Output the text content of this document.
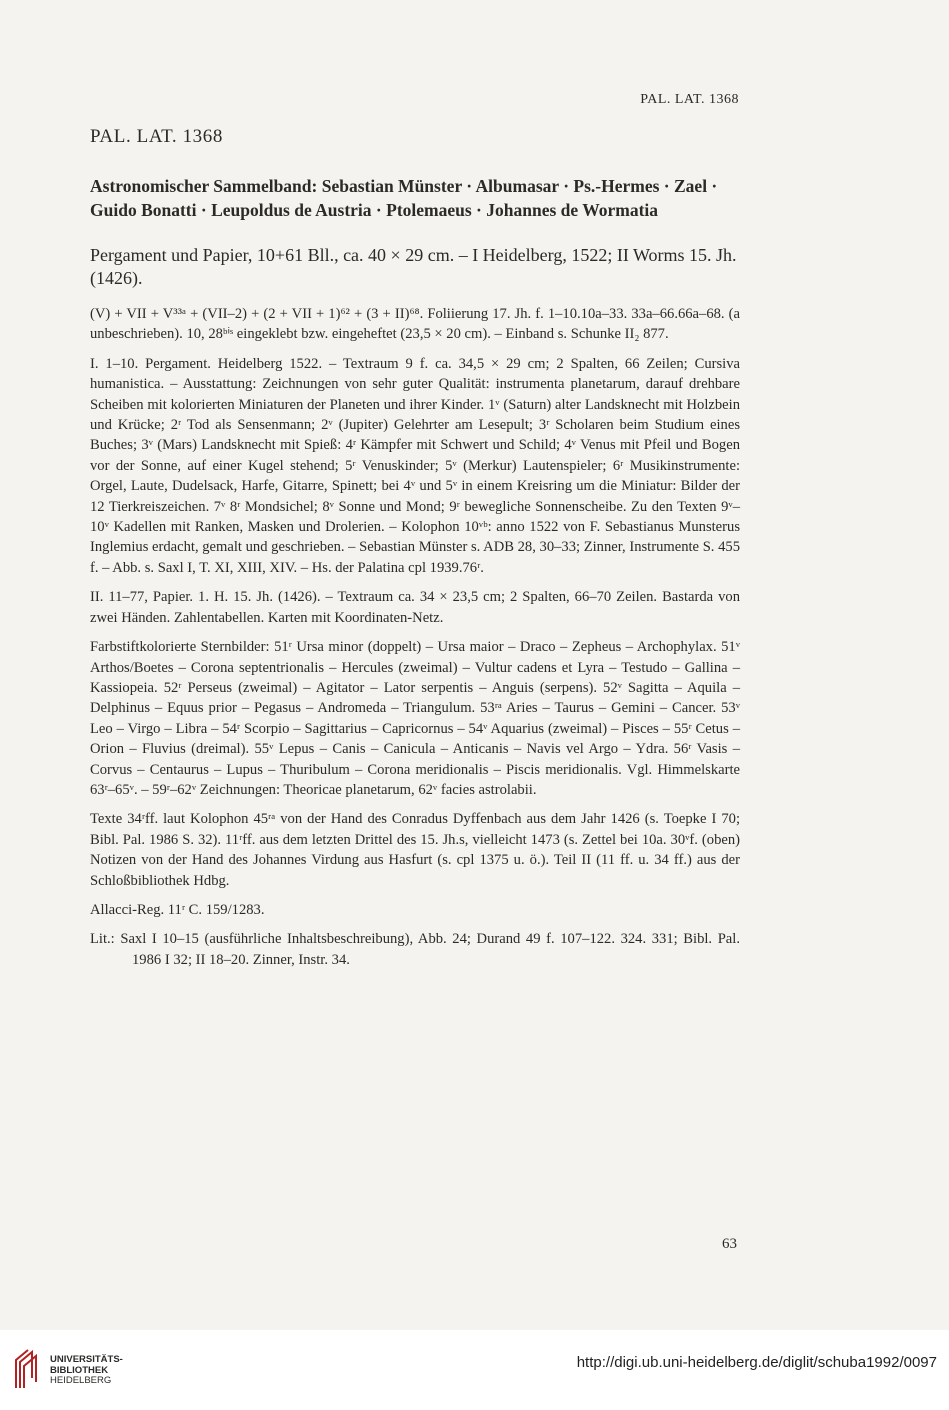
PAL. LAT. 1368
PAL. LAT. 1368
Astronomischer Sammelband: Sebastian Münster · Albumasar · Ps.-Hermes · Zael · Guido Bonatti · Leupoldus de Austria · Ptolemaeus · Johannes de Wormatia
Pergament und Papier, 10+61 Bll., ca. 40 × 29 cm. – I Heidelberg, 1522; II Worms 15. Jh. (1426).

(V) + VII + V³³ᵃ + (VII–2) + (2 + VII + 1)⁶² + (3 + II)⁶⁸. Foliierung 17. Jh. f. 1–10.10a–33. 33a–66.66a–68. (a unbeschrieben). 10, 28ᵇⁱˢ eingeklebt bzw. eingeheftet (23,5 × 20 cm). – Einband s. Schunke II₂ 877.

I. 1–10. Pergament. Heidelberg 1522. – Textraum 9 f. ca. 34,5 × 29 cm; 2 Spalten, 66 Zeilen; Cursiva humanistica. – Ausstattung: Zeichnungen von sehr guter Qualität: instrumenta planetarum, darauf drehbare Scheiben mit kolorierten Miniaturen der Planeten und ihrer Kinder. 1ᵛ (Saturn) alter Landsknecht mit Holzbein und Krücke; 2ʳ Tod als Sensenmann; 2ᵛ (Jupiter) Gelehrter am Lesepult; 3ʳ Scholaren beim Studium eines Buches; 3ᵛ (Mars) Landsknecht mit Spieß: 4ʳ Kämpfer mit Schwert und Schild; 4ᵛ Venus mit Pfeil und Bogen vor der Sonne, auf einer Kugel stehend; 5ʳ Venuskinder; 5ᵛ (Merkur) Lautenspieler; 6ʳ Musikinstrumente: Orgel, Laute, Dudelsack, Harfe, Gitarre, Spinett; bei 4ᵛ und 5ᵛ in einem Kreisring um die Miniatur: Bilder der 12 Tierkreiszeichen. 7ᵛ 8ʳ Mondsichel; 8ᵛ Sonne und Mond; 9ʳ bewegliche Sonnenscheibe. Zu den Texten 9ᵛ–10ᵛ Kadellen mit Ranken, Masken und Drolerien. – Kolophon 10ᵛᵇ: anno 1522 von F. Sebastianus Munsterus Inglemius erdacht, gemalt und geschrieben. – Sebastian Münster s. ADB 28, 30–33; Zinner, Instrumente S. 455 f. – Abb. s. Saxl I, T. XI, XIII, XIV. – Hs. der Palatina cpl 1939.76ʳ.

II. 11–77, Papier. 1. H. 15. Jh. (1426). – Textraum ca. 34 × 23,5 cm; 2 Spalten, 66–70 Zeilen. Bastarda von zwei Händen. Zahlentabellen. Karten mit Koordinaten-Netz.

Farbstiftkolorierte Sternbilder: 51ʳ Ursa minor (doppelt) – Ursa maior – Draco – Zepheus – Archophylax. 51ᵛ Arthos/Boetes – Corona septentrionalis – Hercules (zweimal) – Vultur cadens et Lyra – Testudo – Gallina – Kassiopeia. 52ʳ Perseus (zweimal) – Agitator – Lator serpentis – Anguis (serpens). 52ᵛ Sagitta – Aquila – Delphinus – Equus prior – Pegasus – Andromeda – Triangulum. 53ʳᵃ Aries – Taurus – Gemini – Cancer. 53ᵛ Leo – Virgo – Libra – 54ʳ Scorpio – Sagittarius – Capricornus – 54ᵛ Aquarius (zweimal) – Pisces – 55ʳ Cetus – Orion – Fluvius (dreimal). 55ᵛ Lepus – Canis – Canicula – Anticanis – Navis vel Argo – Ydra. 56ʳ Vasis – Corvus – Centaurus – Lupus – Thuribulum – Corona meridionalis – Piscis meridionalis. Vgl. Himmelskarte 63ʳ–65ᵛ. – 59ʳ–62ᵛ Zeichnungen: Theoricae planetarum, 62ᵛ facies astrolabii.

Texte 34ʳff. laut Kolophon 45ʳᵃ von der Hand des Conradus Dyffenbach aus dem Jahr 1426 (s. Toepke I 70; Bibl. Pal. 1986 S. 32). 11ʳff. aus dem letzten Drittel des 15. Jh.s, vielleicht 1473 (s. Zettel bei 10a. 30ᵛf. (oben) Notizen von der Hand des Johannes Virdung aus Hasfurt (s. cpl 1375 u. ö.). Teil II (11 ff. u. 34 ff.) aus der Schloßbibliothek Hdbg.

Allacci-Reg. 11ʳ C. 159/1283.

Lit.: Saxl I 10–15 (ausführliche Inhaltsbeschreibung), Abb. 24; Durand 49 f. 107–122. 324. 331; Bibl. Pal. 1986 I 32; II 18–20. Zinner, Instr. 34.

63
UNIVERSITÄTS-
BIBLIOTHEK
HEIDELBERG
http://digi.ub.uni-heidelberg.de/diglit/schuba1992/0097
